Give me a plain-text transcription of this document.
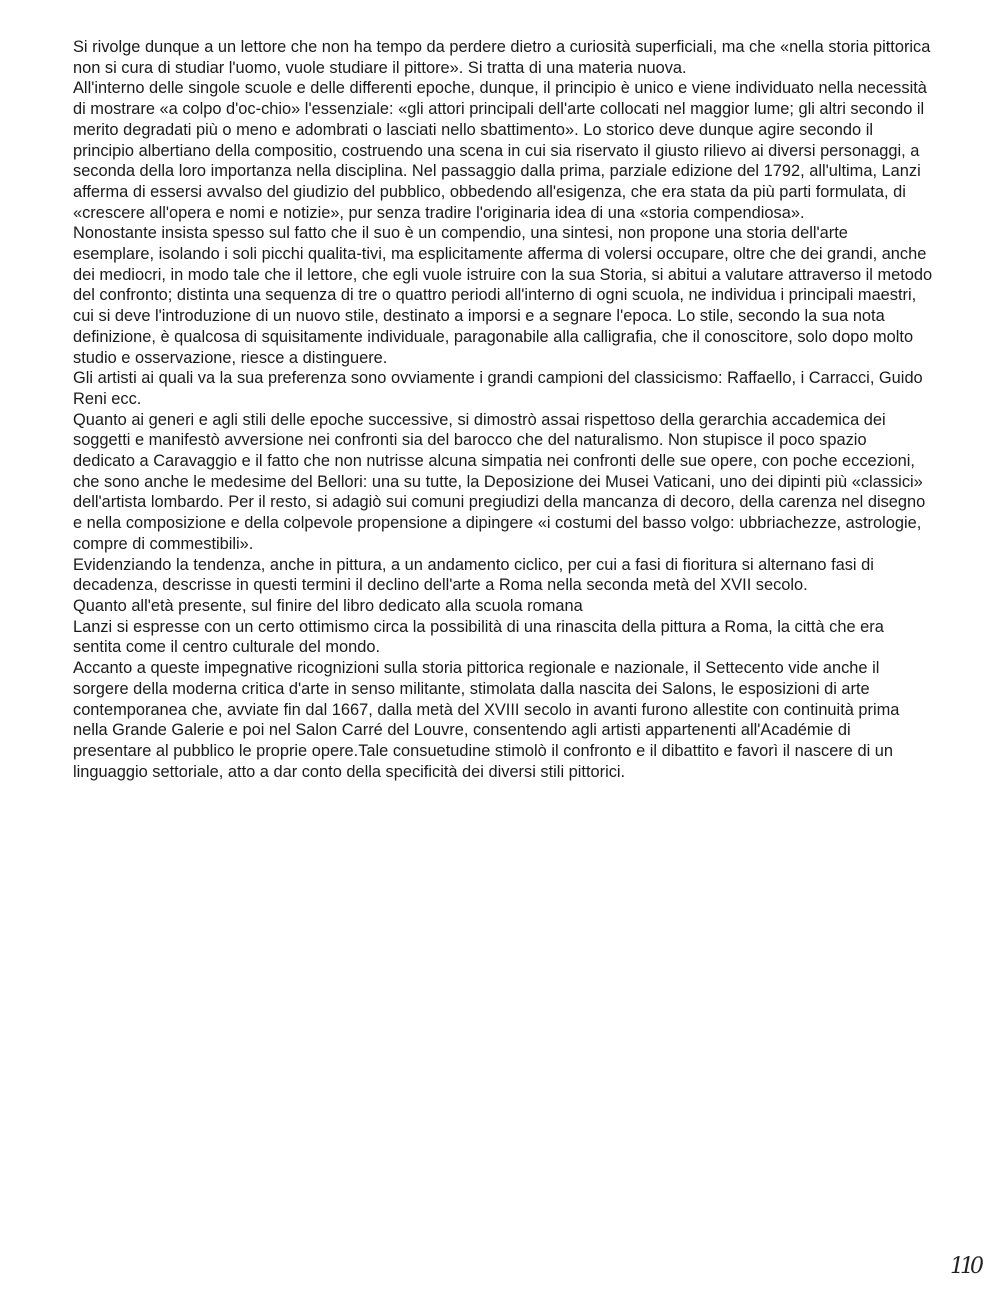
Si rivolge dunque a un lettore che non ha tempo da perdere dietro a curiosità superficiali, ma che «nella storia pittorica non si cura di studiar l'uomo, vuole studiare il pittore». Si tratta di una materia nuova.

All'interno delle singole scuole e delle differenti epoche, dunque, il principio è unico e viene individuato nella necessità di mostrare «a colpo d'oc-chio» l'essenziale: «gli attori principali dell'arte collocati nel maggior lume; gli altri secondo il merito degradati più o meno e adombrati o lasciati nello sbattimento». Lo storico deve dunque agire secondo il principio albertiano della compositio, costruendo una scena in cui sia riservato il giusto rilievo ai diversi personaggi, a seconda della loro importanza nella disciplina. Nel passaggio dalla prima, parziale edizione del 1792, all'ultima, Lanzi afferma di essersi avvalso del giudizio del pubblico, obbedendo all'esigenza, che era stata da più parti formulata, di «crescere all'opera e nomi e notizie», pur senza tradire l'originaria idea di una «storia compendiosa».

Nonostante insista spesso sul fatto che il suo è un compendio, una sintesi, non propone una storia dell'arte esemplare, isolando i soli picchi qualita-tivi, ma esplicitamente afferma di volersi occupare, oltre che dei grandi, anche dei mediocri, in modo tale che il lettore, che egli vuole istruire con la sua Storia, si abitui a valutare attraverso il metodo del confronto; distinta una sequenza di tre o quattro periodi all'interno di ogni scuola, ne individua i principali maestri, cui si deve l'introduzione di un nuovo stile, destinato a imporsi e a segnare l'epoca. Lo stile, secondo la sua nota definizione, è qualcosa di squisitamente individuale, paragonabile alla calligrafia, che il conoscitore, solo dopo molto studio e osservazione, riesce a distinguere.

Gli artisti ai quali va la sua preferenza sono ovviamente i grandi campioni del classicismo: Raffaello, i Carracci, Guido Reni ecc.

Quanto ai generi e agli stili delle epoche successive, si dimostrò assai rispettoso della gerarchia accademica dei soggetti e manifestò avversione nei confronti sia del barocco che del naturalismo. Non stupisce il poco spazio dedicato a Caravaggio e il fatto che non nutrisse alcuna simpatia nei confronti delle sue opere, con poche eccezioni, che sono anche le medesime del Bellori: una su tutte, la Deposizione dei Musei Vaticani, uno dei dipinti più «classici» dell'artista lombardo. Per il resto, si adagiò sui comuni pregiudizi della mancanza di decoro, della carenza nel disegno e nella composizione e della colpevole propensione a dipingere «i costumi del basso volgo: ubbriachezze, astrologie, compre di commestibili».

Evidenziando la tendenza, anche in pittura, a un andamento ciclico, per cui a fasi di fioritura si alternano fasi di decadenza, descrisse in questi termini il declino dell'arte a Roma nella seconda metà del XVII secolo.

Quanto all'età presente, sul finire del libro dedicato alla scuola romana

Lanzi si espresse con un certo ottimismo circa la possibilità di una rinascita della pittura a Roma, la città che era sentita come il centro culturale del mondo.

Accanto a queste impegnative ricognizioni sulla storia pittorica regionale e nazionale, il Settecento vide anche il sorgere della moderna critica d'arte in senso militante, stimolata dalla nascita dei Salons, le esposizioni di arte contemporanea che, avviate fin dal 1667, dalla metà del XVIII secolo in avanti furono allestite con continuità prima nella Grande Galerie e poi nel Salon Carré del Louvre, consentendo agli artisti appartenenti all'Académie di presentare al pubblico le proprie opere.Tale consuetudine stimolò il confronto e il dibattito e favorì il nascere di un linguaggio settoriale, atto a dar conto della specificità dei diversi stili pittorici.

110
